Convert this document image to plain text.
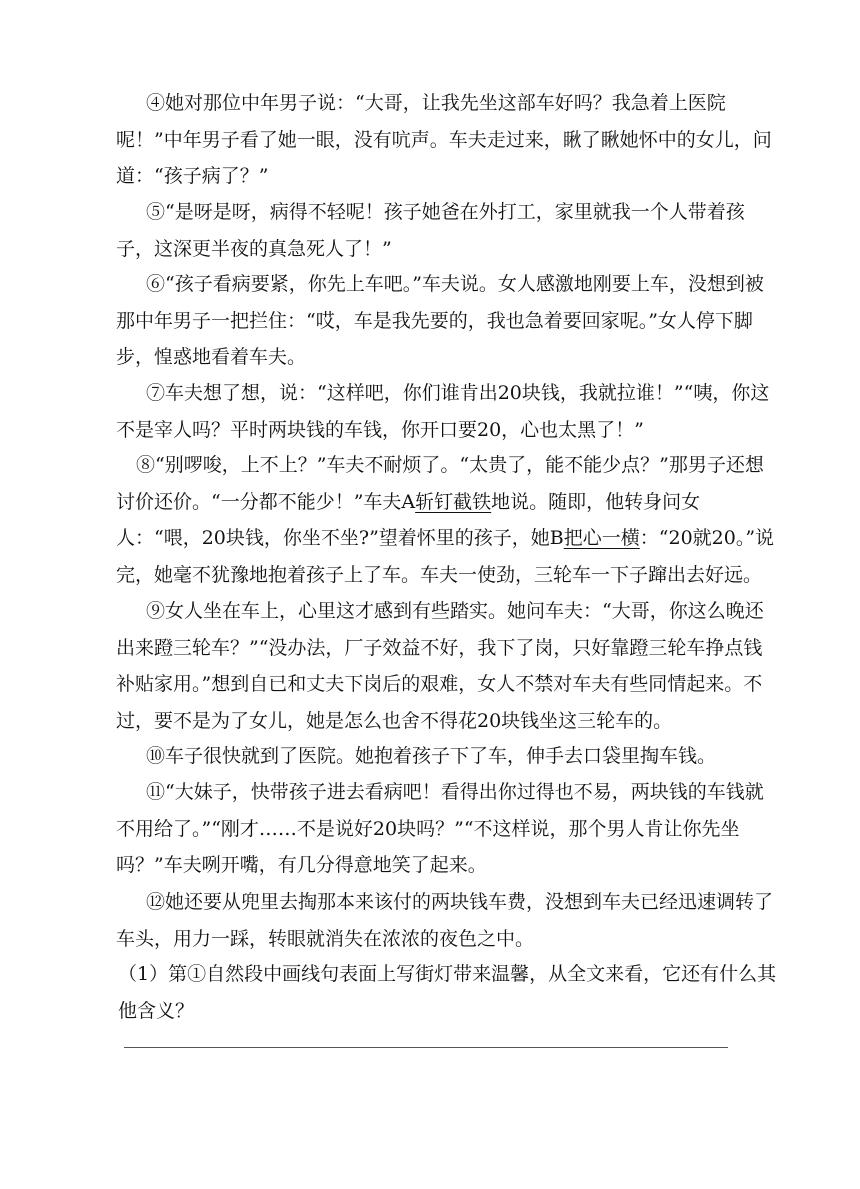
④她对那位中年男子说：“大哥，让我先坐这部车好吗？我急着上医院呢！”中年男子看了她一眼，没有吭声。车夫走过来，瞅了瞅她怀中的女儿，问道：“孩子病了？”

⑤“是呀是呀，病得不轻呢！孩子她爸在外打工，家里就我一个人带着孩子，这深更半夜的真急死人了！”

⑥“孩子看病要紧，你先上车吧。”车夫说。女人感激地刚要上车，没想到被那中年男子一把拦住：“哎，车是我先要的，我也急着要回家呢。”女人停下脚步，惶惑地看着车夫。

⑦车夫想了想，说：“这样吧，你们谁肯出20块钱，我就拉谁！”“咦，你这不是宰人吗？平时两块钱的车钱，你开口要20，心也太黑了！”

⑧“别啰唆，上不上？”车夫不耐烦了。“太贵了，能不能少点？”那男子还想讨价还价。“一分都不能少！”车夫A斩钉截铁地说。随即，他转身问女人：“喂，20块钱，你坐不坐?”望着怀里的孩子，她B把心一横：“20就20。”说完，她毫不犹豫地抱着孩子上了车。车夫一使劲，三轮车一下子蹿出去好远。

⑨女人坐在车上，心里这才感到有些踏实。她问车夫：“大哥，你这么晚还出来蹬三轮车？”“没办法，厂子效益不好，我下了岗，只好靠蹬三轮车挣点钱补贴家用。”想到自已和丈夫下岗后的艰难，女人不禁对车夫有些同情起来。不过，要不是为了女儿，她是怎么也舍不得花20块钱坐这三轮车的。

⑩车子很快就到了医院。她抱着孩子下了车，伸手去口袋里掏车钱。

⑪“大妹子，快带孩子进去看病吧！看得出你过得也不易，两块钱的车钱就不用给了。”“刚才……不是说好20块吗？”“不这样说，那个男人肯让你先坐吗？”车夫咧开嘴，有几分得意地笑了起来。

⑫她还要从兜里去掏那本来该付的两块钱车费，没想到车夫已经迅速调转了车头，用力一踩，转眼就消失在浓浓的夜色之中。

（1）第①自然段中画线句表面上写街灯带来温馨，从全文来看，它还有什么其他含义？
